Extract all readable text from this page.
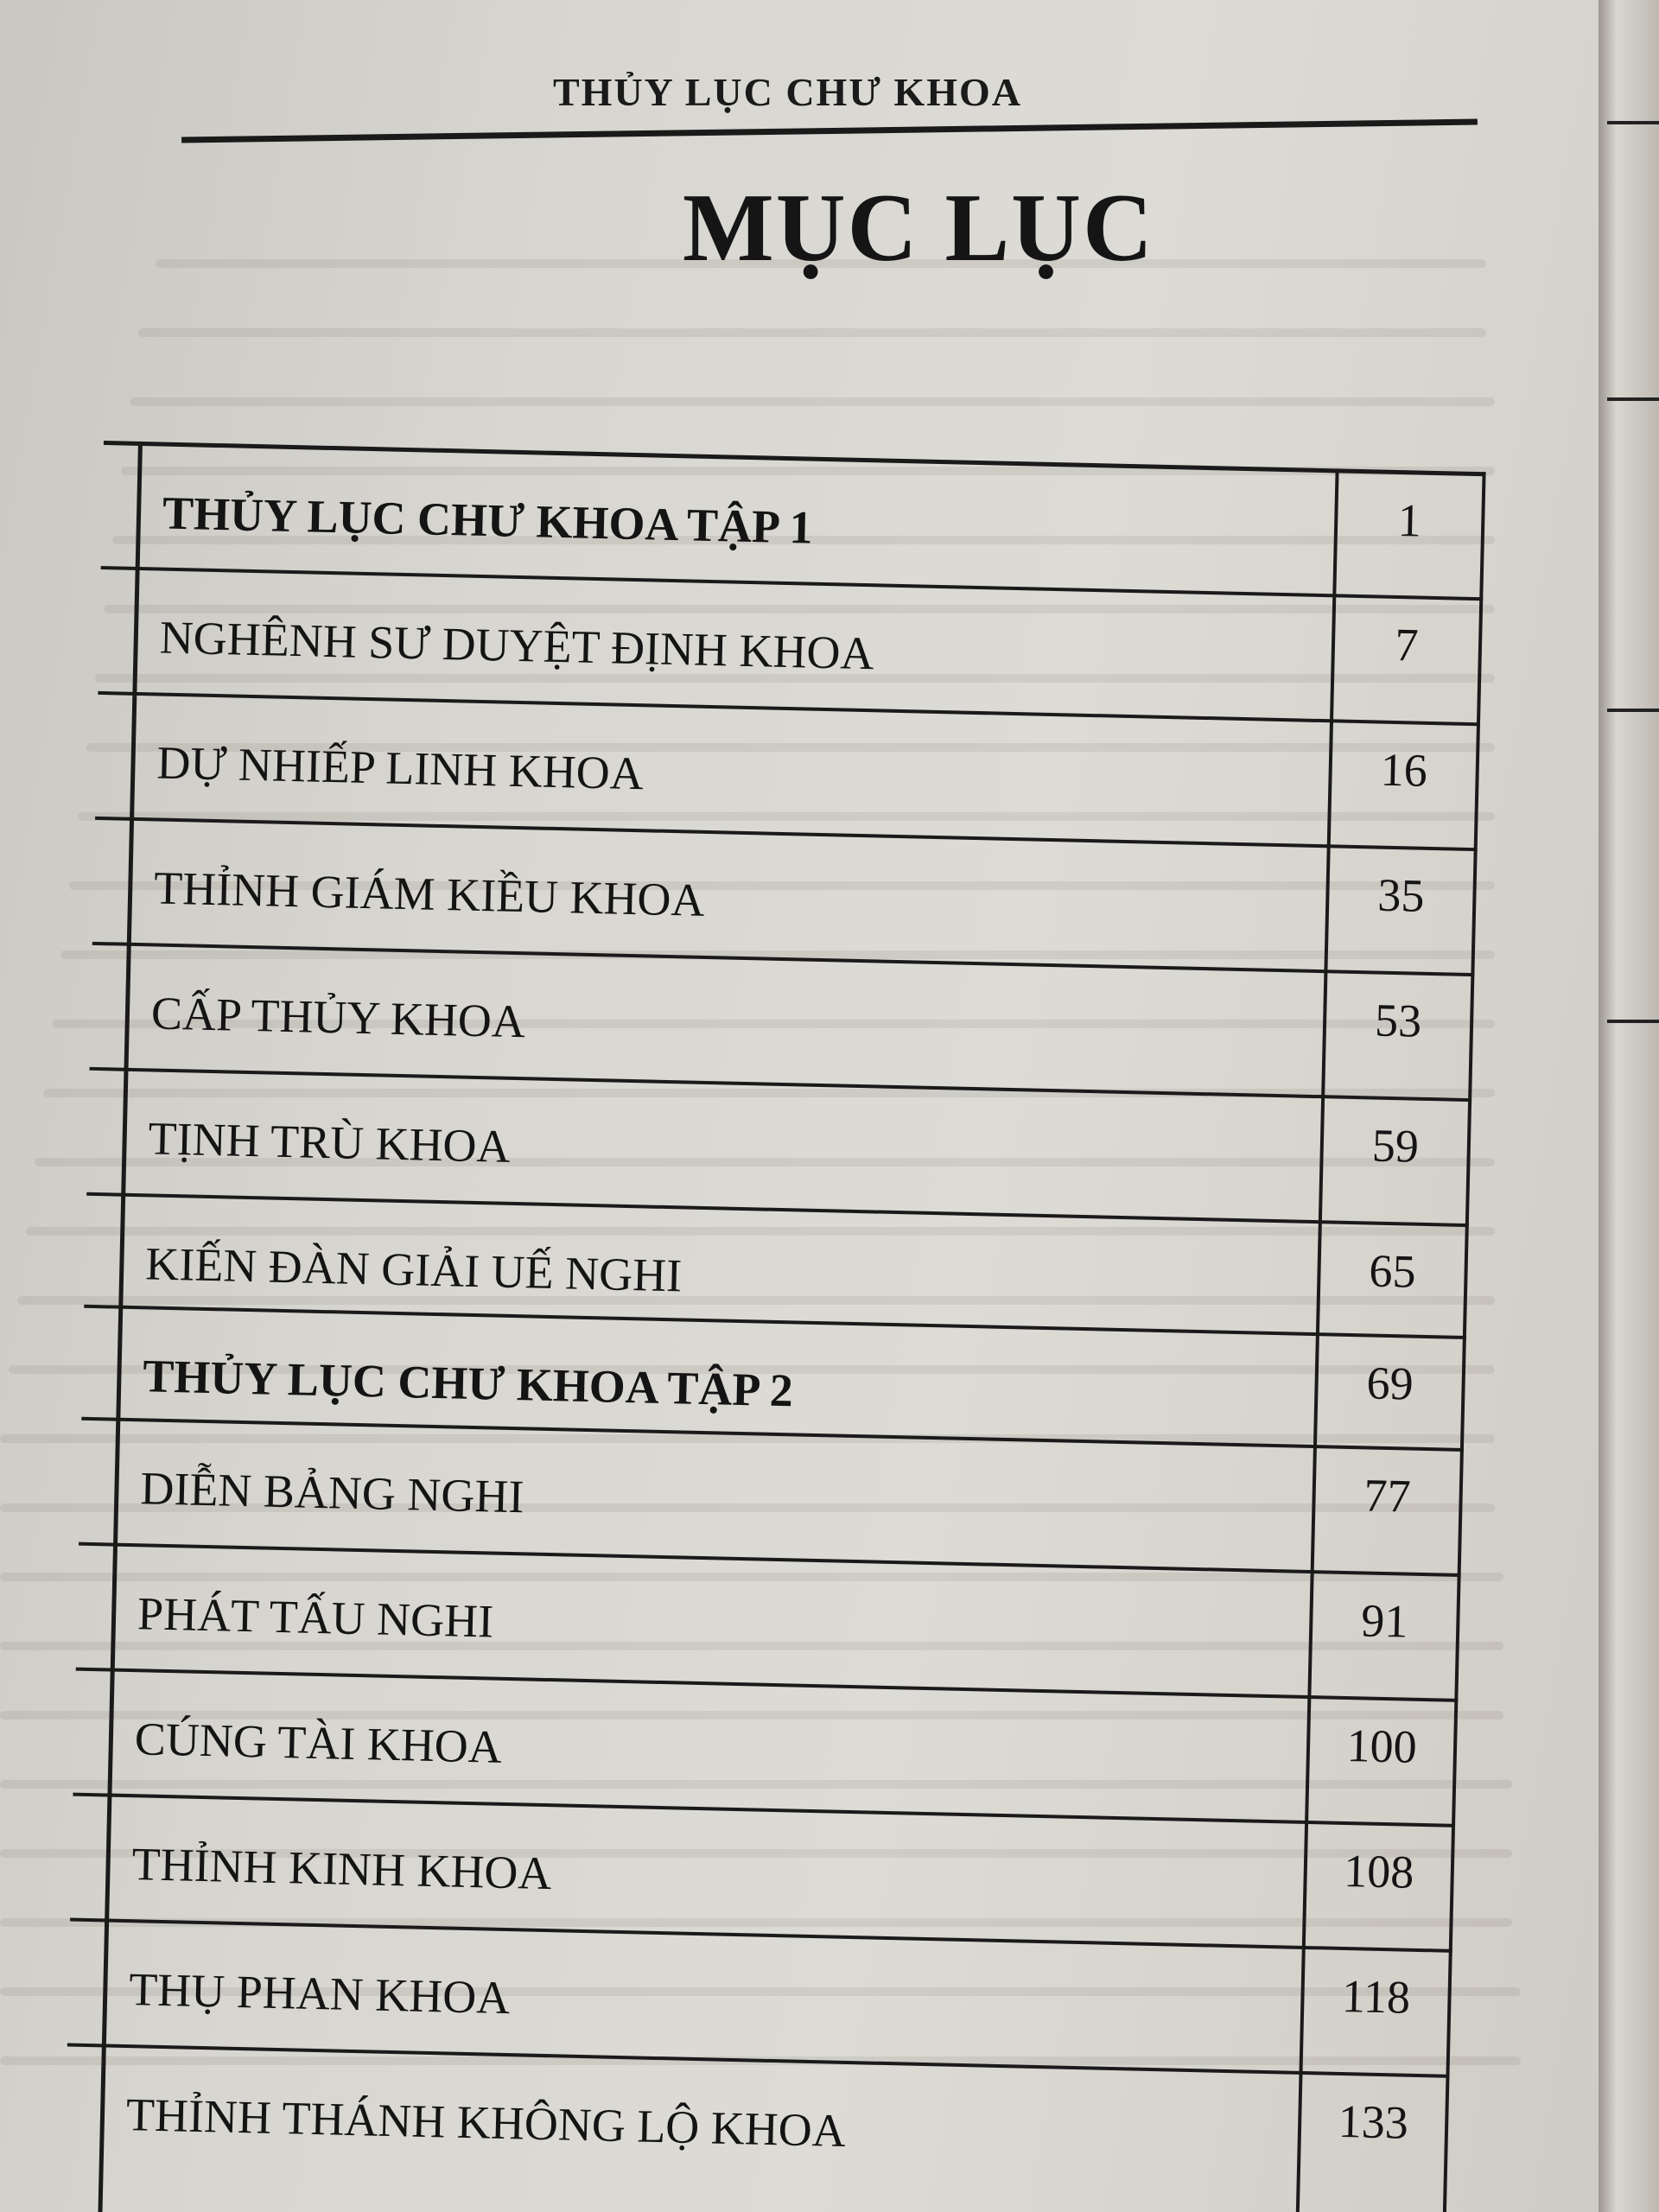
THỦY LỤC CHƯ KHOA
MỤC LỤC
THỦY LỤC CHƯ KHOA TẬP 1	1
NGHÊNH SƯ DUYỆT ĐỊNH KHOA	7
DỰ NHIẾP LINH KHOA	16
THỈNH GIÁM KIỀU KHOA	35
CẤP THỦY KHOA	53
TỊNH TRÙ KHOA	59
KIẾN ĐÀN GIẢI UẾ NGHI	65
THỦY LỤC CHƯ KHOA TẬP 2	69
DIỄN BẢNG NGHI	77
PHÁT TẤU NGHI	91
CÚNG TÀI KHOA	100
THỈNH KINH KHOA	108
THỤ PHAN KHOA	118
THỈNH THÁNH KHÔNG LỘ KHOA	133
